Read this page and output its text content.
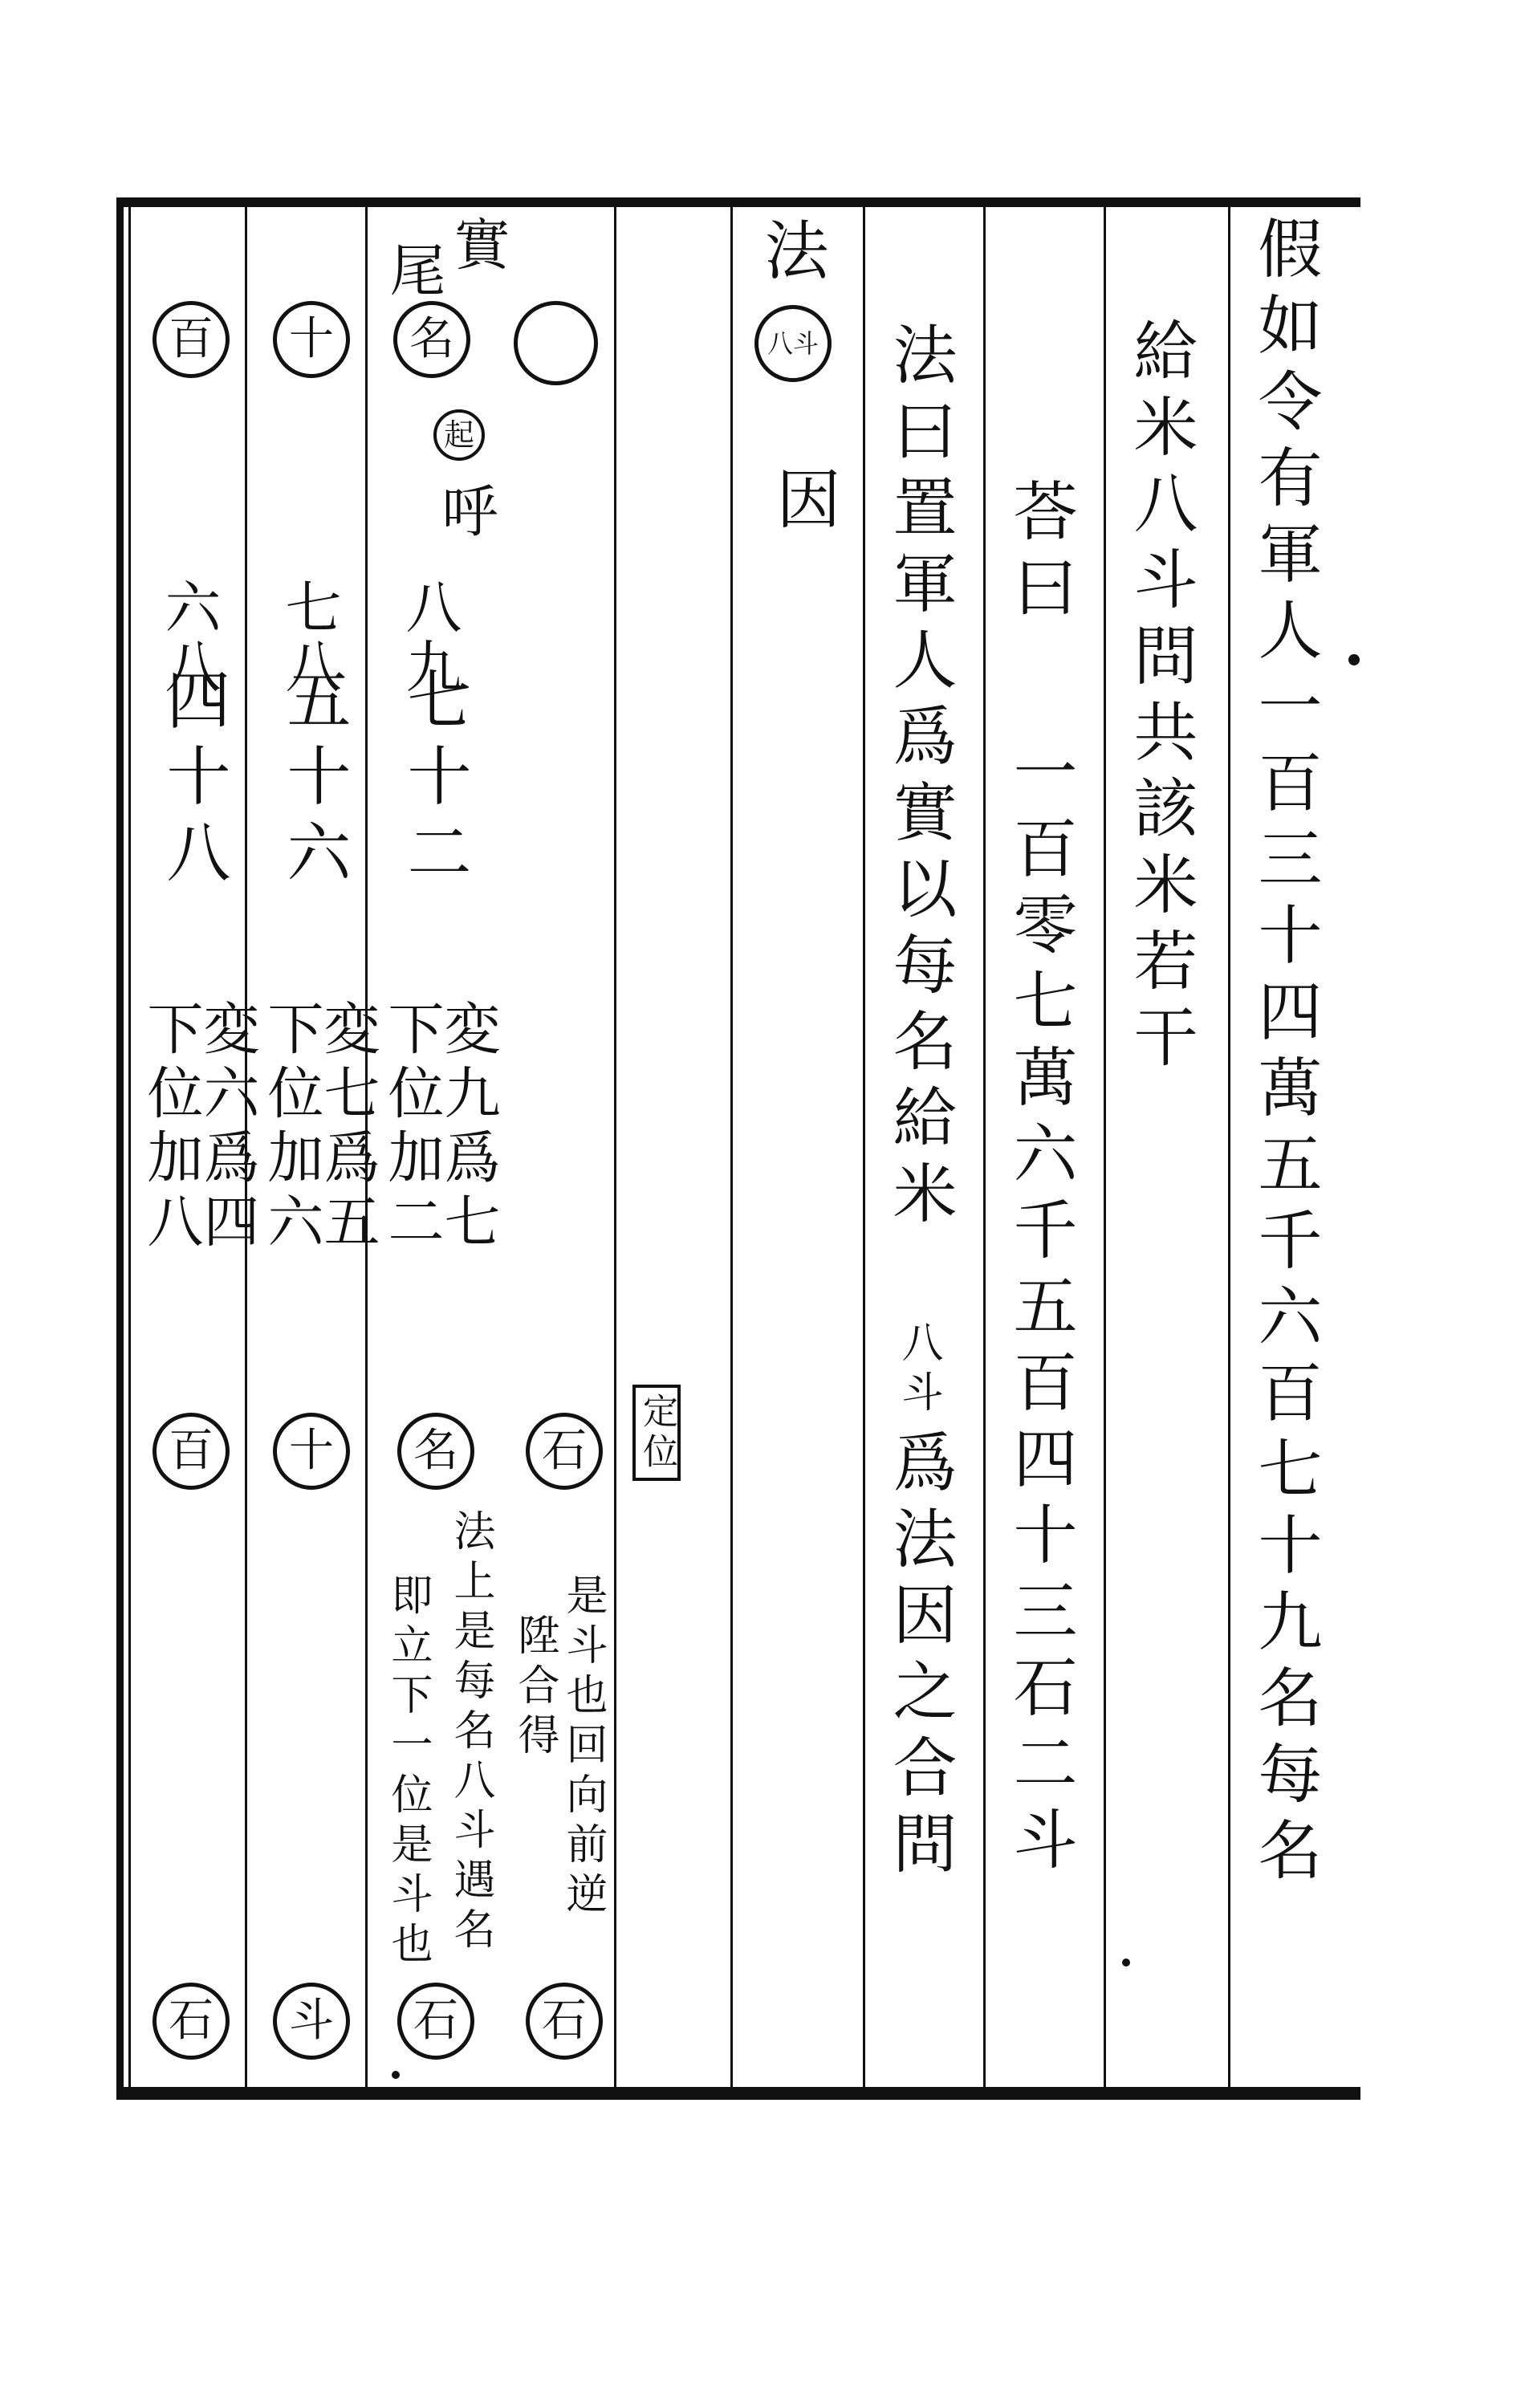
假如令有軍人一百三十四萬五千六百七十九名每名
給米八斗問共該米若干
荅曰
一百零七萬六千五百四十三石二斗
法曰置軍人爲實以每名給米
八斗
爲法因之合問
法
八斗
因
定位
石
是斗也回向前逆
陞合得
法上是每名八斗遇名
即立下一位是斗也
石
實
尾
名
起
呼
八九
七十二
七八
五十六
六八
四十八
変九爲七
下位加二
変七爲五
下位加六
変六爲四
下位加八
十
百
名
十
百
石
斗
石
